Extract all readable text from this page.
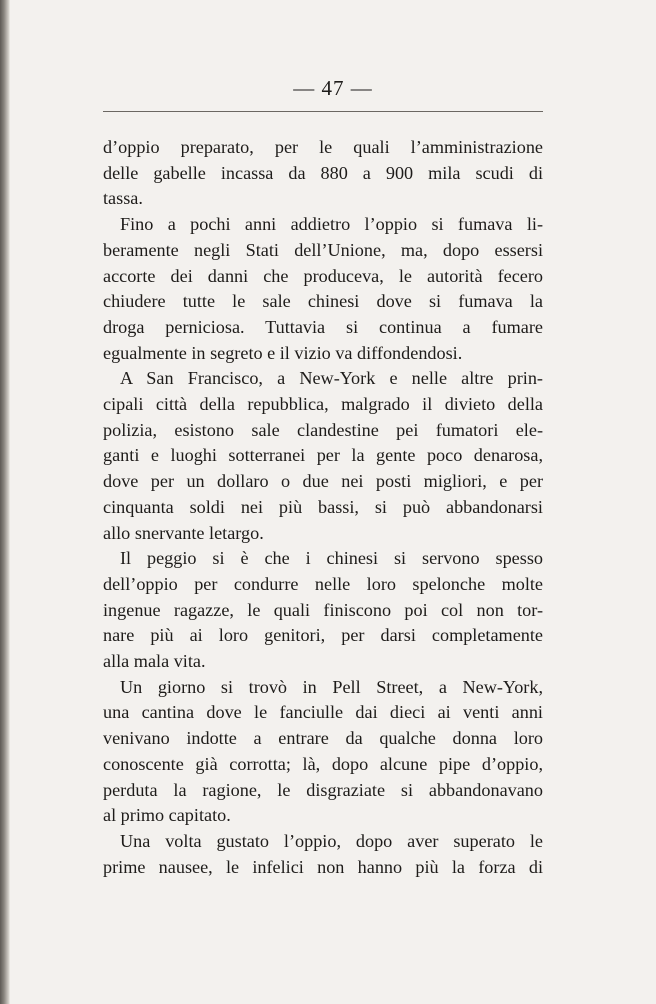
— 47 —
d’oppio preparato, per le quali l’amministrazione
delle gabelle incassa da 880 a 900 mila scudi di
tassa.
Fino a pochi anni addietro l’oppio si fumava li-
beramente negli Stati dell’Unione, ma, dopo essersi
accorte dei danni che produceva, le autorità fecero
chiudere tutte le sale chinesi dove si fumava la
droga perniciosa. Tuttavia si continua a fumare
egualmente in segreto e il vizio va diffondendosi.
A San Francisco, a New-York e nelle altre prin-
cipali città della repubblica, malgrado il divieto della
polizia, esistono sale clandestine pei fumatori ele-
ganti e luoghi sotterranei per la gente poco denarosa,
dove per un dollaro o due nei posti migliori, e per
cinquanta soldi nei più bassi, si può abbandonarsi
allo snervante letargo.
Il peggio si è che i chinesi si servono spesso
dell’oppio per condurre nelle loro spelonche molte
ingenue ragazze, le quali finiscono poi col non tor-
nare più ai loro genitori, per darsi completamente
alla mala vita.
Un giorno si trovò in Pell Street, a New-York,
una cantina dove le fanciulle dai dieci ai venti anni
venivano indotte a entrare da qualche donna loro
conoscente già corrotta; là, dopo alcune pipe d’oppio,
perduta la ragione, le disgraziate si abbandonavano
al primo capitato.
Una volta gustato l’oppio, dopo aver superato le
prime nausee, le infelici non hanno più la forza di
